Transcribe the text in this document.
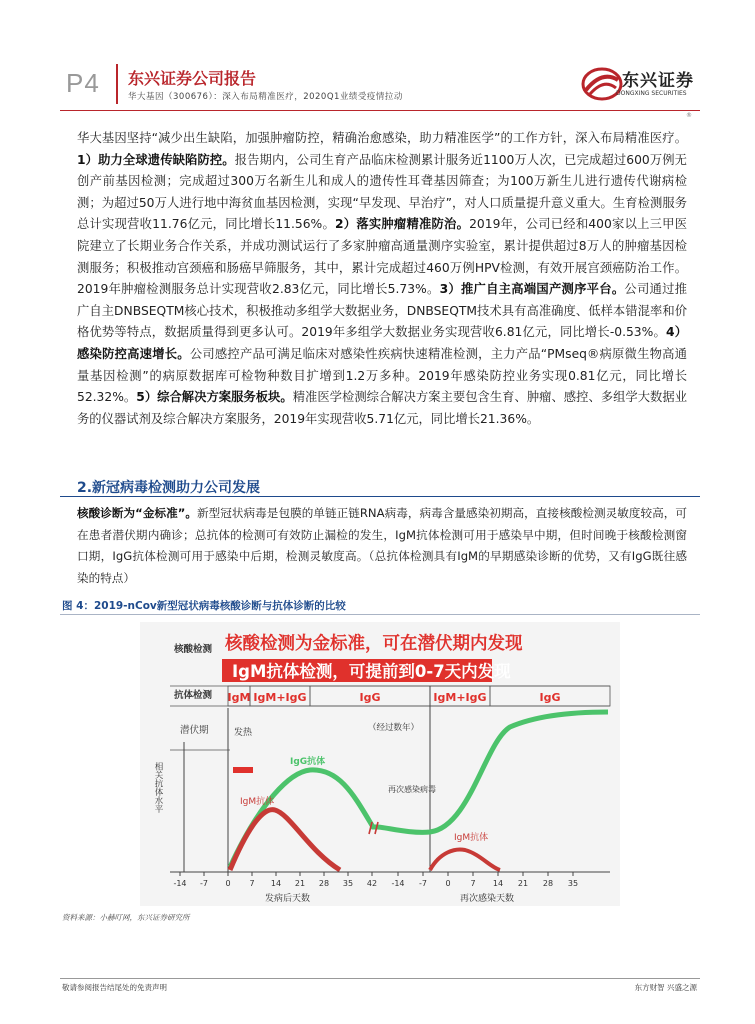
P4 东兴证券公司报告
华大基因（300676）：深入布局精准医疗，2020Q1业绩受疫情拉动
东兴证券
DONGXING SECURITIES
®
华大基因坚持“减少出生缺陷，加强肿瘤防控，精确治愈感染，助力精准医学”的工作方针，深入布局精准医疗。1）助力全球遗传缺陷防控。报告期内，公司生育产品临床检测累计服务近1100万人次，已完成超过600万例无创产前基因检测；完成超过300万名新生儿和成人的遗传性耳聋基因筛查；为100万新生儿进行遗传代谢病检测；为超过50万人进行地中海贫血基因检测，实现“早发现、早治疗”，对人口质量提升意义重大。生育检测服务总计实现营收11.76亿元，同比增长11.56%。2）落实肿瘤精准防治。2019年，公司已经和400家以上三甲医院建立了长期业务合作关系，并成功测试运行了多家肿瘤高通量测序实验室，累计提供超过8万人的肿瘤基因检测服务；积极推动宫颈癌和肠癌早筛服务，其中，累计完成超过460万例HPV检测，有效开展宫颈癌防治工作。2019年肿瘤检测服务总计实现营收2.83亿元，同比增长5.73%。3）推广自主高端国产测序平台。公司通过推广自主DNBSEQTM核心技术，积极推动多组学大数据业务，DNBSEQTM技术具有高准确度、低样本错混率和价格优势等特点，数据质量得到更多认可。2019年多组学大数据业务实现营收6.81亿元，同比增长-0.53%。4）感染防控高速增长。公司感控产品可满足临床对感染性疾病快速精准检测，主力产品“PMseq®病原微生物高通量基因检测”的病原数据库可检物种数目扩增到1.2万多种。2019年感染防控业务实现0.81亿元，同比增长52.32%。5）综合解决方案服务板块。精准医学检测综合解决方案主要包含生育、肿瘤、感控、多组学大数据业务的仪器试剂及综合解决方案服务，2019年实现营收5.71亿元，同比增长21.36%。
2.新冠病毒检测助力公司发展
核酸诊断为“金标准”。新型冠状病毒是包膜的单链正链RNA病毒，病毒含量感染初期高，直接核酸检测灵敏度较高，可在患者潜伏期内确诊；总抗体的检测可有效防止漏检的发生，IgM抗体检测可用于感染早中期，但时间晚于核酸检测窗口期，IgG抗体检测可用于感染中后期，检测灵敏度高。（总抗体检测具有IgM的早期感染诊断的优势，又有IgG既往感染的特点）
图 4：2019-nCov新型冠状病毒核酸诊断与抗体诊断的比较
核酸检测为金标准，可在潜伏期内发现
IgM抗体检测，可提前到0-7天内发现
核酸检测
抗体检测
潜伏期
IgM IgM+IgG	IgG	IgM+IgG	IgG
发热
相关抗体水平
（经过数年）
再次感染病毒
IgG抗体
IgM抗体
IgM抗体
-14 -7 0 7 14 21 28 35 42 -14 -7 0 7 14 21 28 35
发病后天数	再次感染天数
资料来源：小赫叮网，东兴证券研究所
敬请参阅报告结尾处的免责声明	东方财智 兴盛之源
